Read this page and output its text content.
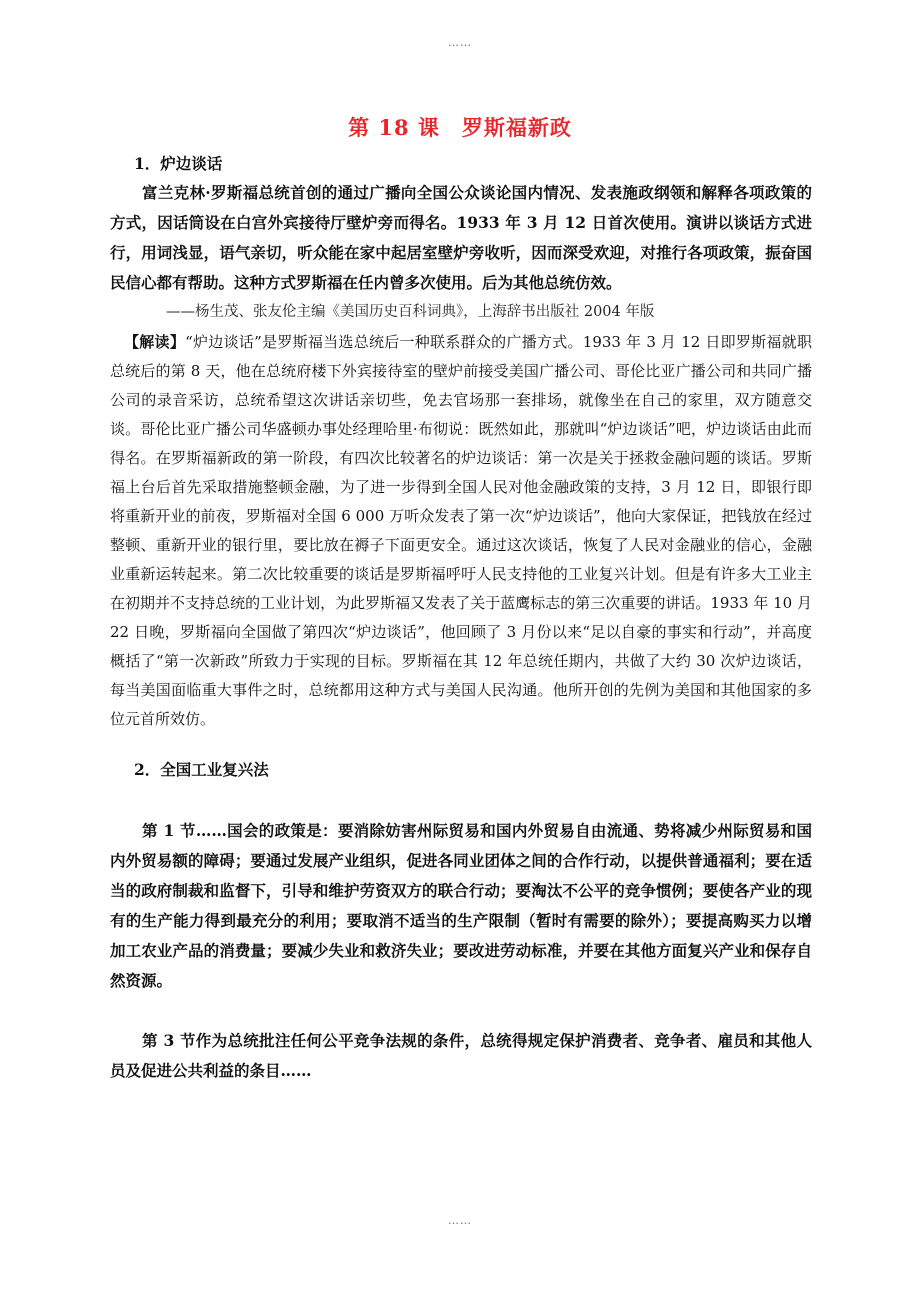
……
第 18 课　罗斯福新政
1．炉边谈话

富兰克林·罗斯福总统首创的通过广播向全国公众谈论国内情况、发表施政纲领和解释各项政策的方式，因话筒设在白宫外宾接待厅壁炉旁而得名。1933 年 3 月 12 日首次使用。演讲以谈话方式进行，用词浅显，语气亲切，听众能在家中起居室壁炉旁收听，因而深受欢迎，对推行各项政策，振奋国民信心都有帮助。这种方式罗斯福在任内曾多次使用。后为其他总统仿效。

——杨生茂、张友伦主编《美国历史百科词典》，上海辞书出版社 2004 年版

【解读】“炉边谈话”是罗斯福当选总统后一种联系群众的广播方式。1933 年 3 月 12 日即罗斯福就职总统后的第 8 天，他在总统府楼下外宾接待室的壁炉前接受美国广播公司、哥伦比亚广播公司和共同广播公司的录音采访，总统希望这次讲话亲切些，免去官场那一套排场，就像坐在自己的家里，双方随意交谈。哥伦比亚广播公司华盛顿办事处经理哈里·布彻说：既然如此，那就叫“炉边谈话”吧，炉边谈话由此而得名。在罗斯福新政的第一阶段，有四次比较著名的炉边谈话：第一次是关于拯救金融问题的谈话。罗斯福上台后首先采取措施整顿金融，为了进一步得到全国人民对他金融政策的支持，3 月 12 日，即银行即将重新开业的前夜，罗斯福对全国 6 000 万听众发表了第一次“炉边谈话”，他向大家保证，把钱放在经过整顿、重新开业的银行里，要比放在褥子下面更安全。通过这次谈话，恢复了人民对金融业的信心，金融业重新运转起来。第二次比较重要的谈话是罗斯福呼吁人民支持他的工业复兴计划。但是有许多大工业主在初期并不支持总统的工业计划，为此罗斯福又发表了关于蓝鹰标志的第三次重要的讲话。1933 年 10 月 22 日晚，罗斯福向全国做了第四次“炉边谈话”，他回顾了 3 月份以来“足以自豪的事实和行动”，并高度概括了“第一次新政”所致力于实现的目标。罗斯福在其 12 年总统任期内，共做了大约 30 次炉边谈话，每当美国面临重大事件之时，总统都用这种方式与美国人民沟通。他所开创的先例为美国和其他国家的多位元首所效仿。

2．全国工业复兴法

第 1 节……国会的政策是：要消除妨害州际贸易和国内外贸易自由流通、势将减少州际贸易和国内外贸易额的障碍；要通过发展产业组织，促进各同业团体之间的合作行动，以提供普通福利；要在适当的政府制裁和监督下，引导和维护劳资双方的联合行动；要淘汰不公平的竞争惯例；要使各产业的现有的生产能力得到最充分的利用；要取消不适当的生产限制（暂时有需要的除外）；要提高购买力以增加工农业产品的消费量；要减少失业和救济失业；要改进劳动标准，并要在其他方面复兴产业和保存自然资源。

第 3 节作为总统批注任何公平竞争法规的条件，总统得规定保护消费者、竞争者、雇员和其他人员及促进公共利益的条目……

……
